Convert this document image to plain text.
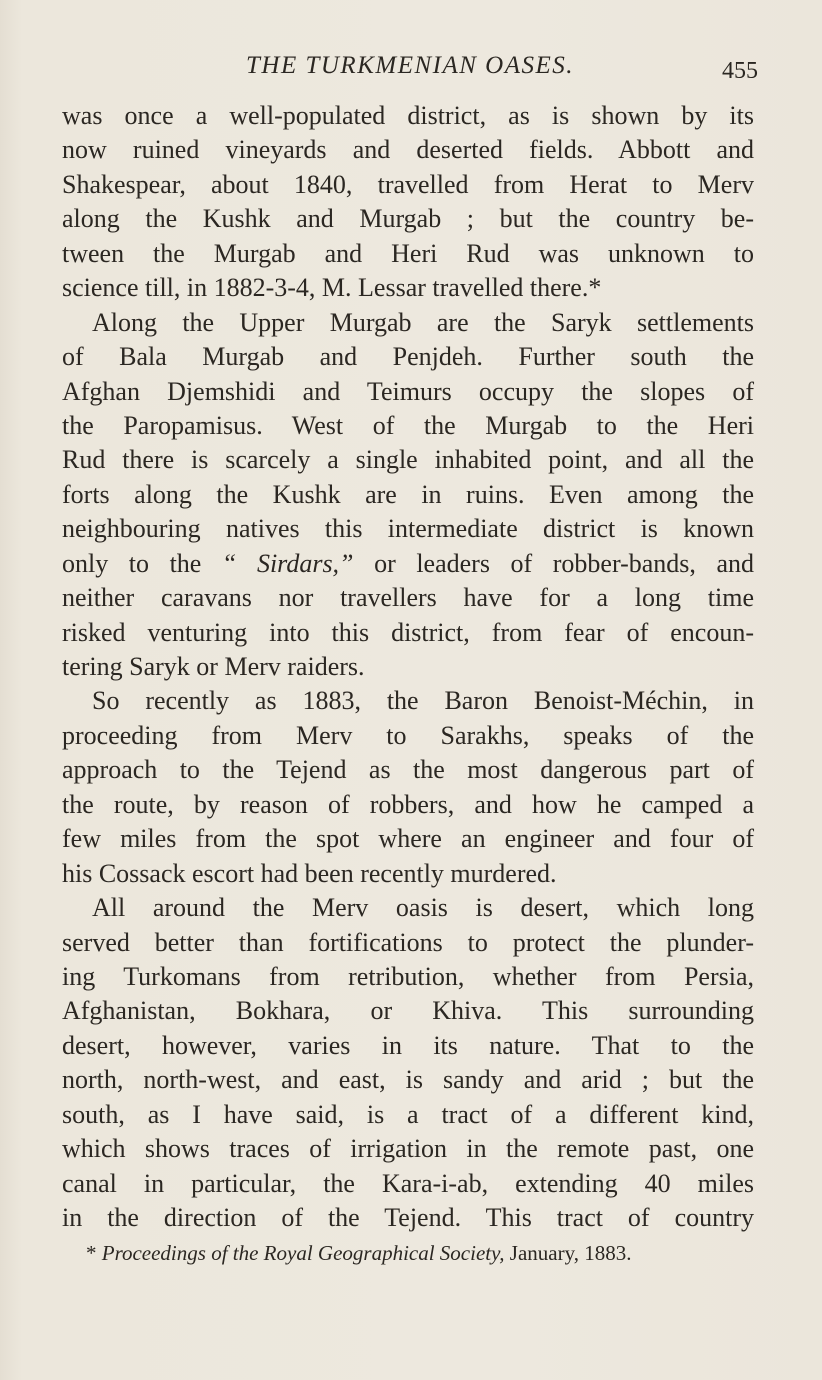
THE TURKMENIAN OASES.	455
was once a well-populated district, as is shown by its
now ruined vineyards and deserted fields. Abbott and
Shakespear, about 1840, travelled from Herat to Merv
along the Kushk and Murgab ; but the country be-
tween the Murgab and Heri Rud was unknown to
science till, in 1882-3-4, M. Lessar travelled there.*
Along the Upper Murgab are the Saryk settlements
of Bala Murgab and Penjdeh. Further south the
Afghan Djemshidi and Teimurs occupy the slopes of
the Paropamisus. West of the Murgab to the Heri
Rud there is scarcely a single inhabited point, and all the
forts along the Kushk are in ruins. Even among the
neighbouring natives this intermediate district is known
only to the “ Sirdars,” or leaders of robber-bands, and
neither caravans nor travellers have for a long time
risked venturing into this district, from fear of encoun-
tering Saryk or Merv raiders.
So recently as 1883, the Baron Benoist-Méchin, in
proceeding from Merv to Sarakhs, speaks of the
approach to the Tejend as the most dangerous part of
the route, by reason of robbers, and how he camped a
few miles from the spot where an engineer and four of
his Cossack escort had been recently murdered.
All around the Merv oasis is desert, which long
served better than fortifications to protect the plunder-
ing Turkomans from retribution, whether from Persia,
Afghanistan, Bokhara, or Khiva. This surrounding
desert, however, varies in its nature. That to the
north, north-west, and east, is sandy and arid ; but the
south, as I have said, is a tract of a different kind,
which shows traces of irrigation in the remote past, one
canal in particular, the Kara-i-ab, extending 40 miles
in the direction of the Tejend. This tract of country
* Proceedings of the Royal Geographical Society, January, 1883.
